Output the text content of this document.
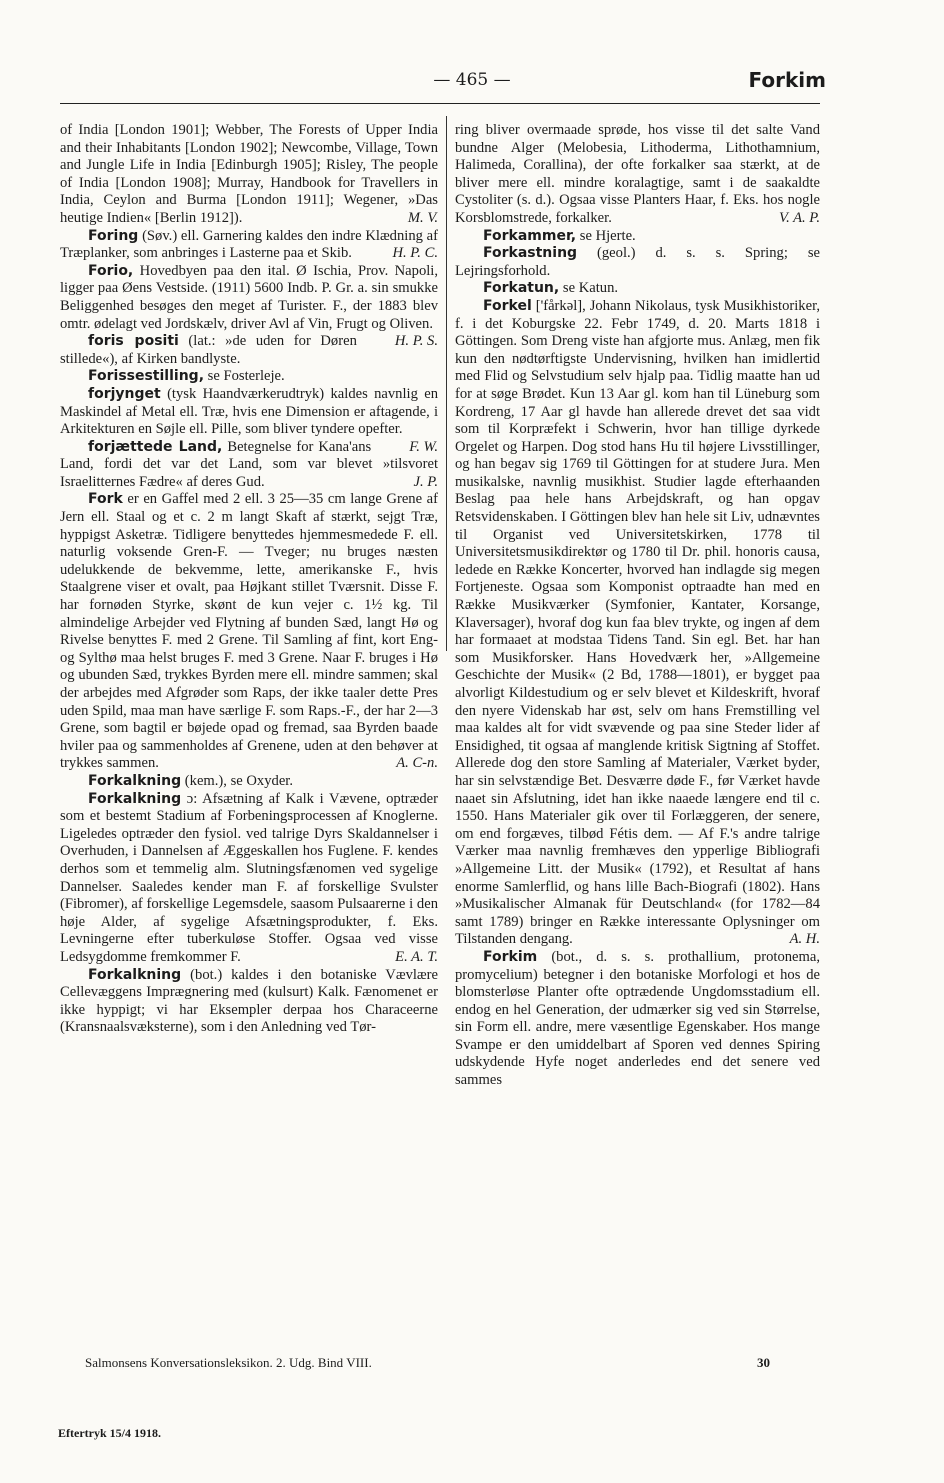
— 465 —	Forkim

of India [London 1901]; Webber, The Forests of Upper India and their Inhabitants [London 1902]; Newcombe, Village, Town and Jungle Life in India [Edinburgh 1905]; Risley, The people of India [London 1908]; Murray, Handbook for Travellers in India, Ceylon and Burma [London 1911]; Wegener, »Das heutige Indien« [Berlin 1912]).	M. V.

Foring (Søv.) ell. Garnering kaldes den indre Klædning af Træplanker, som anbringes i Lasterne paa et Skib.	H. P. C.

Forio, Hovedbyen paa den ital. Ø Ischia, Prov. Napoli, ligger paa Øens Vestside. (1911) 5600 Indb. P. Gr. a. sin smukke Beliggenhed besøges den meget af Turister. F., der 1883 blev omtr. ødelagt ved Jordskælv, driver Avl af Vin, Frugt og Oliven.
H. P. S.

foris positi (lat.: »de uden for Døren stillede«), af Kirken bandlyste.

Forissestilling, se Fosterleje.

forjynget (tysk Haandværkerudtryk) kaldes navnlig en Maskindel af Metal ell. Træ, hvis ene Dimension er aftagende, i Arkitekturen en Søjle ell. Pille, som bliver tyndere opefter.
F. W.

forjættede Land, Betegnelse for Kana'ans Land, fordi det var det Land, som var blevet »tilsvoret Israelitternes Fædre« af deres Gud.	J. P.

Fork er en Gaffel med 2 ell. 3 25—35 cm lange Grene af Jern ell. Staal og et c. 2 m langt Skaft af stærkt, sejgt Træ, hyppigst Asketræ. Tidligere benyttedes hjemmesmedede F. ell. naturlig voksende Gren-F. — Tveger; nu bruges næsten udelukkende de bekvemme, lette, amerikanske F., hvis Staalgrene viser et ovalt, paa Højkant stillet Tværsnit. Disse F. har fornøden Styrke, skønt de kun vejer c. 1½ kg. Til almindelige Arbejder ved Flytning af bunden Sæd, langt Hø og Rivelse benyttes F. med 2 Grene. Til Samling af fint, kort Eng- og Sylthø maa helst bruges F. med 3 Grene. Naar F. bruges i Hø og ubunden Sæd, trykkes Byrden mere ell. mindre sammen; skal der arbejdes med Afgrøder som Raps, der ikke taaler dette Pres uden Spild, maa man have særlige F. som Raps.-F., der har 2—3 Grene, som bagtil er bøjede opad og fremad, saa Byrden baade hviler paa og sammenholdes af Grenene, uden at den behøver at trykkes sammen.	A. C-n.

Forkalkning (kem.), se Oxyder.

Forkalkning ɔ: Afsætning af Kalk i Vævene, optræder som et bestemt Stadium af Forbeningsprocessen af Knoglerne. Ligeledes optræder den fysiol. ved talrige Dyrs Skaldannelser i Overhuden, i Dannelsen af Æggeskallen hos Fuglene. F. kendes derhos som et temmelig alm. Slutningsfænomen ved sygelige Dannelser. Saaledes kender man F. af forskellige Svulster (Fibromer), af forskellige Legemsdele, saasom Pulsaarerne i den høje Alder, af sygelige Afsætningsprodukter, f. Eks. Levningerne efter tuberkuløse Stoffer. Ogsaa ved visse Ledsygdomme fremkommer F.	E. A. T.

Forkalkning (bot.) kaldes i den botaniske Vævlære Cellevæggens Imprægnering med (kulsurt) Kalk. Fænomenet er ikke hyppigt; vi har Eksempler derpaa hos Characeerne (Kransnaalsvæksterne), som i den Anledning ved Tør-

ring bliver overmaade sprøde, hos visse til det salte Vand bundne Alger (Melobesia, Lithoderma, Lithothamnium, Halimeda, Corallina), der ofte forkalker saa stærkt, at de bliver mere ell. mindre koralagtige, samt i de saakaldte Cystoliter (s. d.). Ogsaa visse Planters Haar, f. Eks. hos nogle Korsblomstrede, forkalker.	V. A. P.

Forkammer, se Hjerte.

Forkastning (geol.) d. s. s. Spring; se Lejringsforhold.

Forkatun, se Katun.

Forkel ['fårkəl], Johann Nikolaus, tysk Musikhistoriker, f. i det Koburgske 22. Febr 1749, d. 20. Marts 1818 i Göttingen. Som Dreng viste han afgjorte mus. Anlæg, men fik kun den nødtørftigste Undervisning, hvilken han imidlertid med Flid og Selvstudium selv hjalp paa. Tidlig maatte han ud for at søge Brødet. Kun 13 Aar gl. kom han til Lüneburg som Kordreng, 17 Aar gl havde han allerede drevet det saa vidt som til Korpræfekt i Schwerin, hvor han tillige dyrkede Orgelet og Harpen. Dog stod hans Hu til højere Livsstillinger, og han begav sig 1769 til Göttingen for at studere Jura. Men musikalske, navnlig musikhist. Studier lagde efterhaanden Beslag paa hele hans Arbejdskraft, og han opgav Retsvidenskaben. I Göttingen blev han hele sit Liv, udnævntes til Organist ved Universitetskirken, 1778 til Universitetsmusikdirektør og 1780 til Dr. phil. honoris causa, ledede en Række Koncerter, hvorved han indlagde sig megen Fortjeneste. Ogsaa som Komponist optraadte han med en Række Musikværker (Symfonier, Kantater, Korsange, Klaversager), hvoraf dog kun faa blev trykte, og ingen af dem har formaaet at modstaa Tidens Tand. Sin egl. Bet. har han som Musikforsker. Hans Hovedværk her, »Allgemeine Geschichte der Musik« (2 Bd, 1788—1801), er bygget paa alvorligt Kildestudium og er selv blevet et Kildeskrift, hvoraf den nyere Videnskab har øst, selv om hans Fremstilling vel maa kaldes alt for vidt svævende og paa sine Steder lider af Ensidighed, tit ogsaa af manglende kritisk Sigtning af Stoffet. Allerede dog den store Samling af Materialer, Værket byder, har sin selvstændige Bet. Desværre døde F., før Værket havde naaet sin Afslutning, idet han ikke naaede længere end til c. 1550. Hans Materialer gik over til Forlæggeren, der senere, om end forgæves, tilbød Fétis dem. — Af F.'s andre talrige Værker maa navnlig fremhæves den ypperlige Bibliografi »Allgemeine Litt. der Musik« (1792), et Resultat af hans enorme Samlerflid, og hans lille Bach-Biografi (1802). Hans »Musikalischer Almanak für Deutschland« (for 1782—84 samt 1789) bringer en Række interessante Oplysninger om Tilstanden dengang.	A. H.

Forkim (bot., d. s. s. prothallium, protonema, promycelium) betegner i den botaniske Morfologi et hos de blomsterløse Planter ofte optrædende Ungdomsstadium ell. endog en hel Generation, der udmærker sig ved sin Størrelse, sin Form ell. andre, mere væsentlige Egenskaber. Hos mange Svampe er den umiddelbart af Sporen ved dennes Spiring udskydende Hyfe noget anderledes end det senere ved sammes

Salmonsens Konversationsleksikon. 2. Udg. Bind VIII.	30
Eftertryk 15/4 1918.
